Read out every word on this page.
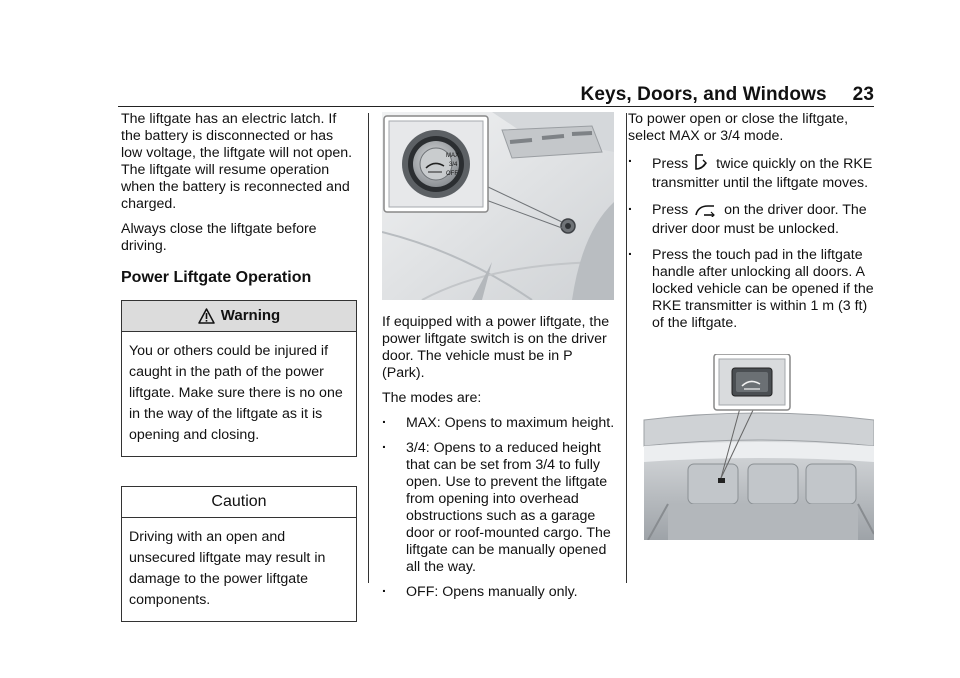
Keys, Doors, and Windows 23

The liftgate has an electric latch. If the battery is disconnected or has low voltage, the liftgate will not open. The liftgate will resume operation when the battery is reconnected and charged.

Always close the liftgate before driving.

Power Liftgate Operation
Warning
You or others could be injured if caught in the path of the power liftgate. Make sure there is no one in the way of the liftgate as it is opening and closing.
Caution
Driving with an open and unsecured liftgate may result in damage to the power liftgate components.
MAX
3/4
OFF

If equipped with a power liftgate, the power liftgate switch is on the driver door. The vehicle must be in P (Park).

The modes are:

. MAX: Opens to maximum height.
. 3/4: Opens to a reduced height that can be set from 3/4 to fully open. Use to prevent the liftgate from opening into overhead obstructions such as a garage door or roof-mounted cargo. The liftgate can be manually opened all the way.
. OFF: Opens manually only.

To power open or close the liftgate, select MAX or 3/4 mode.

. Press twice quickly on the RKE transmitter until the liftgate moves.
. Press	on the driver door. The driver door must be unlocked.
. Press the touch pad in the liftgate handle after unlocking all doors. A locked vehicle can be opened if the RKE transmitter is within 1 m (3 ft) of the liftgate.
